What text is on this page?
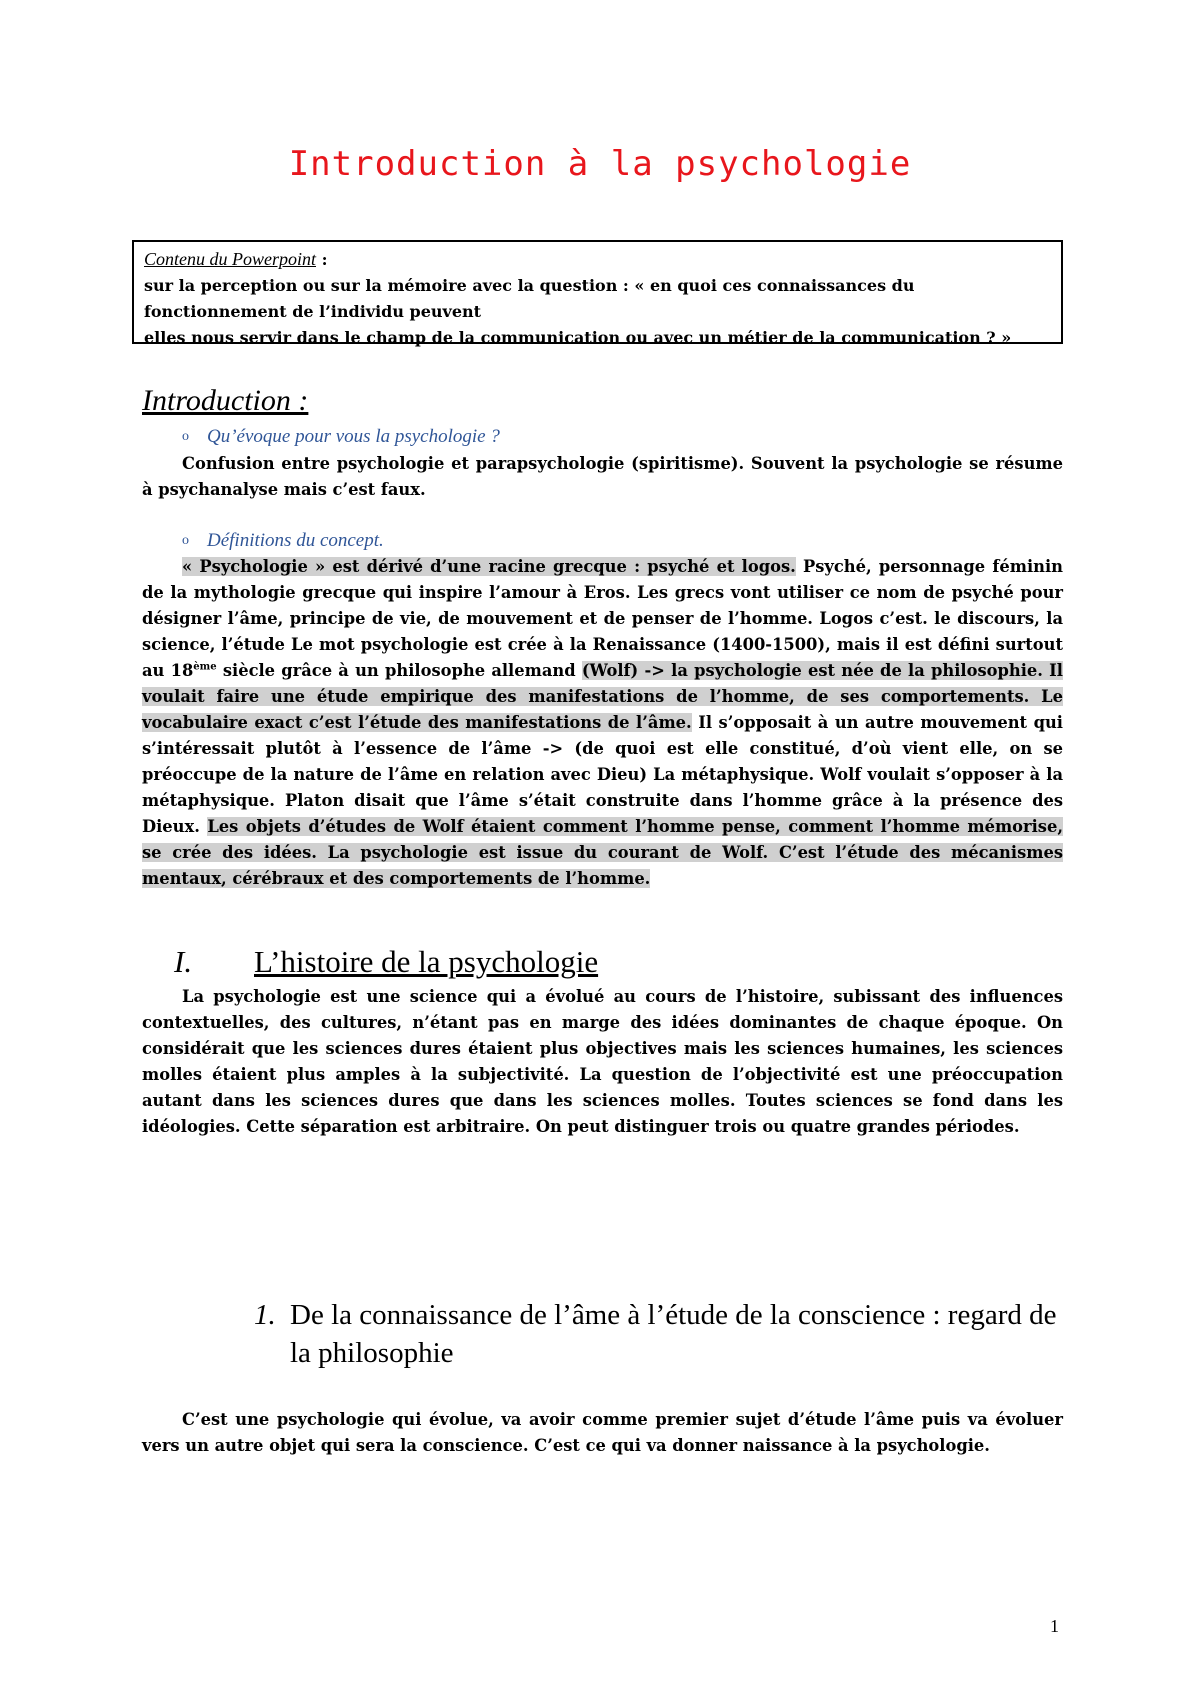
Introduction à la psychologie

Contenu du Powerpoint :

sur la perception ou sur la mémoire avec la question : « en quoi ces connaissances du

fonctionnement de l’individu peuvent

elles nous servir dans le champ de la communication ou avec un métier de la communication ? »

Introduction :
o Qu’évoque pour vous la psychologie ?

Confusion entre psychologie et parapsychologie (spiritisme). Souvent la psychologie se résume à psychanalyse mais c’est faux.

o Définitions du concept.

« Psychologie » est dérivé d’une racine grecque : psyché et logos. Psyché, personnage féminin de la mythologie grecque qui inspire l’amour à Eros. Les grecs vont utiliser ce nom de psyché pour désigner l’âme, principe de vie, de mouvement et de penser de l’homme. Logos c’est. le discours, la science, l’étude Le mot psychologie est crée à la Renaissance (1400-1500), mais il est défini surtout au 18ème siècle grâce à un philosophe allemand (Wolf) -> la psychologie est née de la philosophie. Il voulait faire une étude empirique des manifestations de l’homme, de ses comportements. Le vocabulaire exact c’est l’étude des manifestations de l’âme. Il s’opposait à un autre mouvement qui s’intéressait plutôt à l’essence de l’âme -> (de quoi est elle constitué, d’où vient elle, on se préoccupe de la nature de l’âme en relation avec Dieu) La métaphysique. Wolf voulait s’opposer à la métaphysique. Platon disait que l’âme s’était construite dans l’homme grâce à la présence des Dieux. Les objets d’études de Wolf étaient comment l’homme pense, comment l’homme mémorise, se crée des idées. La psychologie est issue du courant de Wolf. C’est l’étude des mécanismes mentaux, cérébraux et des comportements de l’homme.

I.	L’histoire de la psychologie

La psychologie est une science qui a évolué au cours de l’histoire, subissant des influences contextuelles, des cultures, n’étant pas en marge des idées dominantes de chaque époque. On considérait que les sciences dures étaient plus objectives mais les sciences humaines, les sciences molles étaient plus amples à la subjectivité. La question de l’objectivité est une préoccupation autant dans les sciences dures que dans les sciences molles. Toutes sciences se fond dans les idéologies. Cette séparation est arbitraire. On peut distinguer trois ou quatre grandes périodes.

1. De la connaissance de l’âme à l’étude de la conscience : regard de la philosophie

C’est une psychologie qui évolue, va avoir comme premier sujet d’étude l’âme puis va évoluer vers un autre objet qui sera la conscience. C’est ce qui va donner naissance à la psychologie.

1
